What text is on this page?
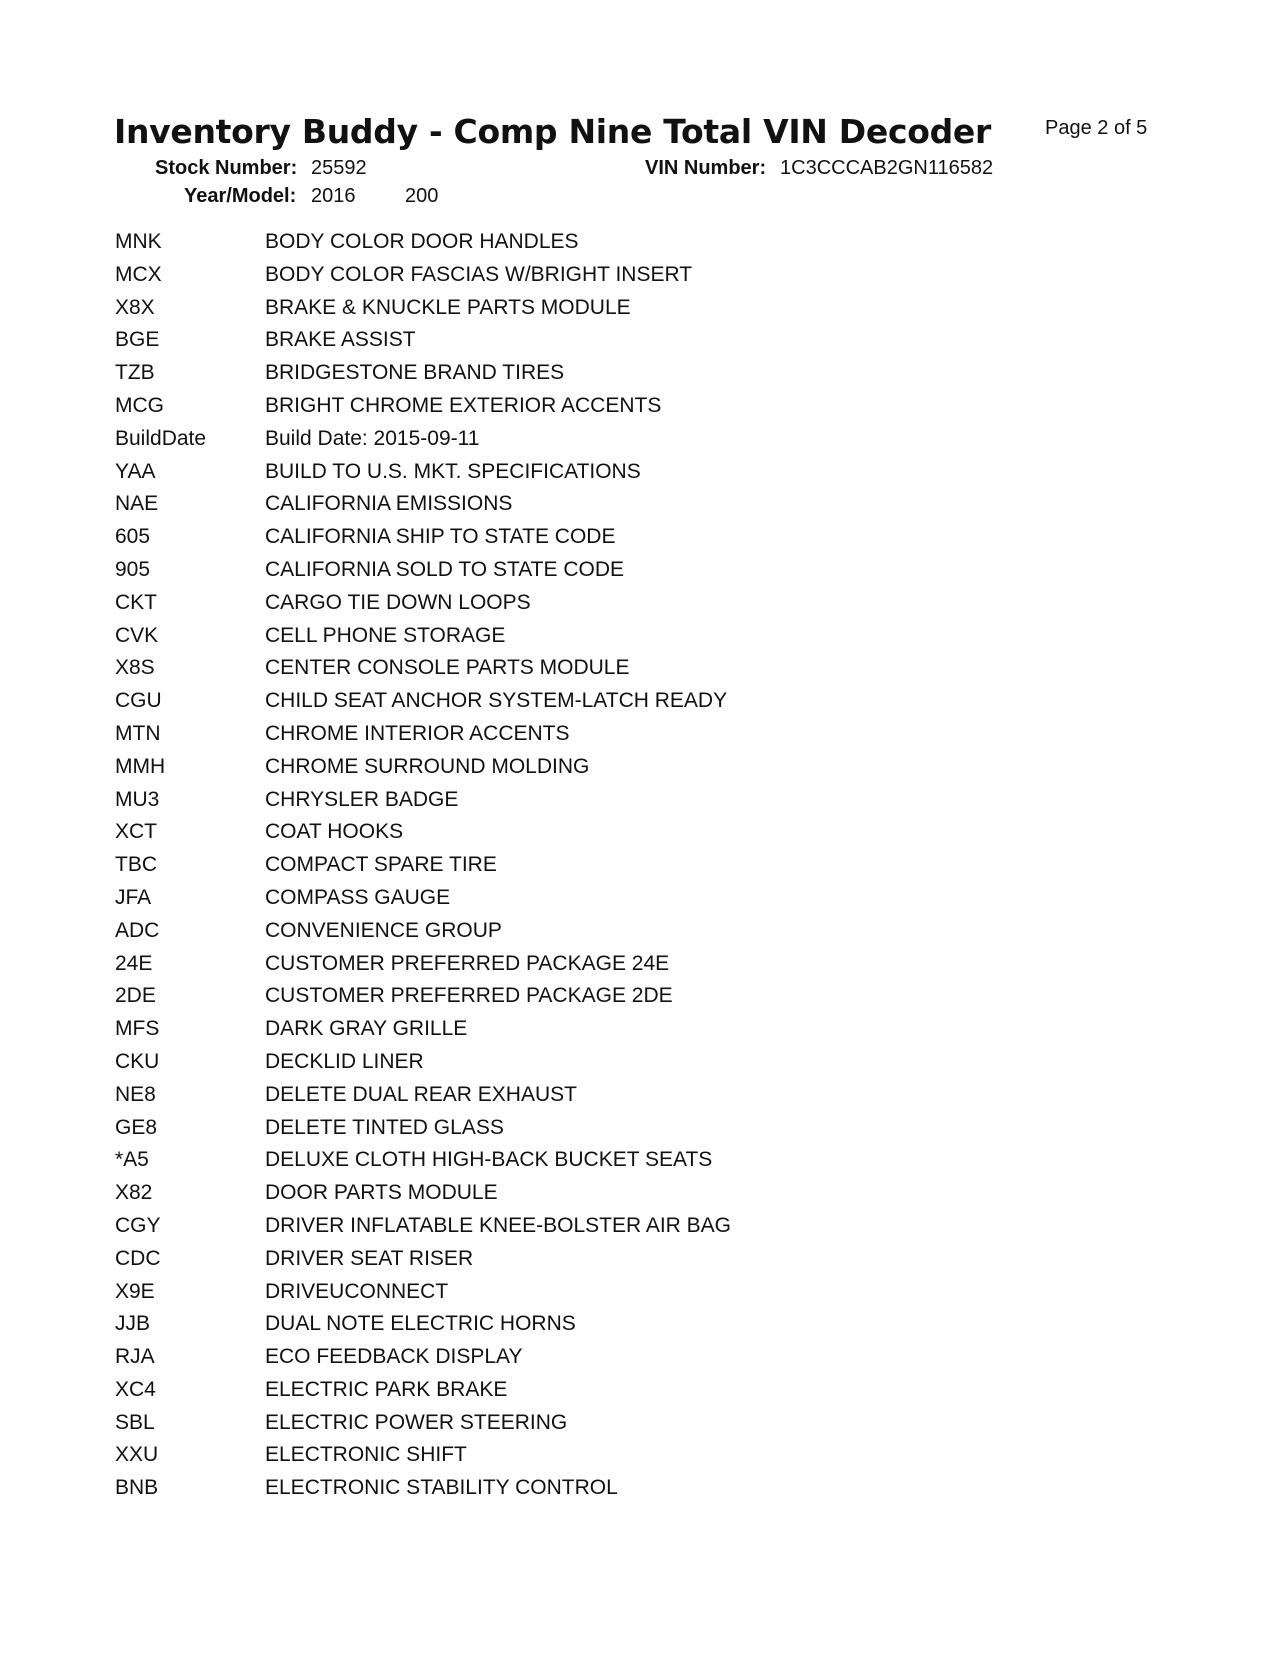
Inventory Buddy - Comp Nine Total VIN Decoder	Page 2 of 5
Stock Number: 25592	VIN Number: 1C3CCCAB2GN116582
Year/Model: 2016 200
MNK	BODY COLOR DOOR HANDLES
MCX	BODY COLOR FASCIAS W/BRIGHT INSERT
X8X	BRAKE & KNUCKLE PARTS MODULE
BGE	BRAKE ASSIST
TZB	BRIDGESTONE BRAND TIRES
MCG	BRIGHT CHROME EXTERIOR ACCENTS
BuildDate	Build Date: 2015-09-11
YAA	BUILD TO U.S. MKT. SPECIFICATIONS
NAE	CALIFORNIA EMISSIONS
605	CALIFORNIA SHIP TO STATE CODE
905	CALIFORNIA SOLD TO STATE CODE
CKT	CARGO TIE DOWN LOOPS
CVK	CELL PHONE STORAGE
X8S	CENTER CONSOLE PARTS MODULE
CGU	CHILD SEAT ANCHOR SYSTEM-LATCH READY
MTN	CHROME INTERIOR ACCENTS
MMH	CHROME SURROUND MOLDING
MU3	CHRYSLER BADGE
XCT	COAT HOOKS
TBC	COMPACT SPARE TIRE
JFA	COMPASS GAUGE
ADC	CONVENIENCE GROUP
24E	CUSTOMER PREFERRED PACKAGE 24E
2DE	CUSTOMER PREFERRED PACKAGE 2DE
MFS	DARK GRAY GRILLE
CKU	DECKLID LINER
NE8	DELETE DUAL REAR EXHAUST
GE8	DELETE TINTED GLASS
*A5	DELUXE CLOTH HIGH-BACK BUCKET SEATS
X82	DOOR PARTS MODULE
CGY	DRIVER INFLATABLE KNEE-BOLSTER AIR BAG
CDC	DRIVER SEAT RISER
X9E	DRIVEUCONNECT
JJB	DUAL NOTE ELECTRIC HORNS
RJA	ECO FEEDBACK DISPLAY
XC4	ELECTRIC PARK BRAKE
SBL	ELECTRIC POWER STEERING
XXU	ELECTRONIC SHIFT
BNB	ELECTRONIC STABILITY CONTROL
